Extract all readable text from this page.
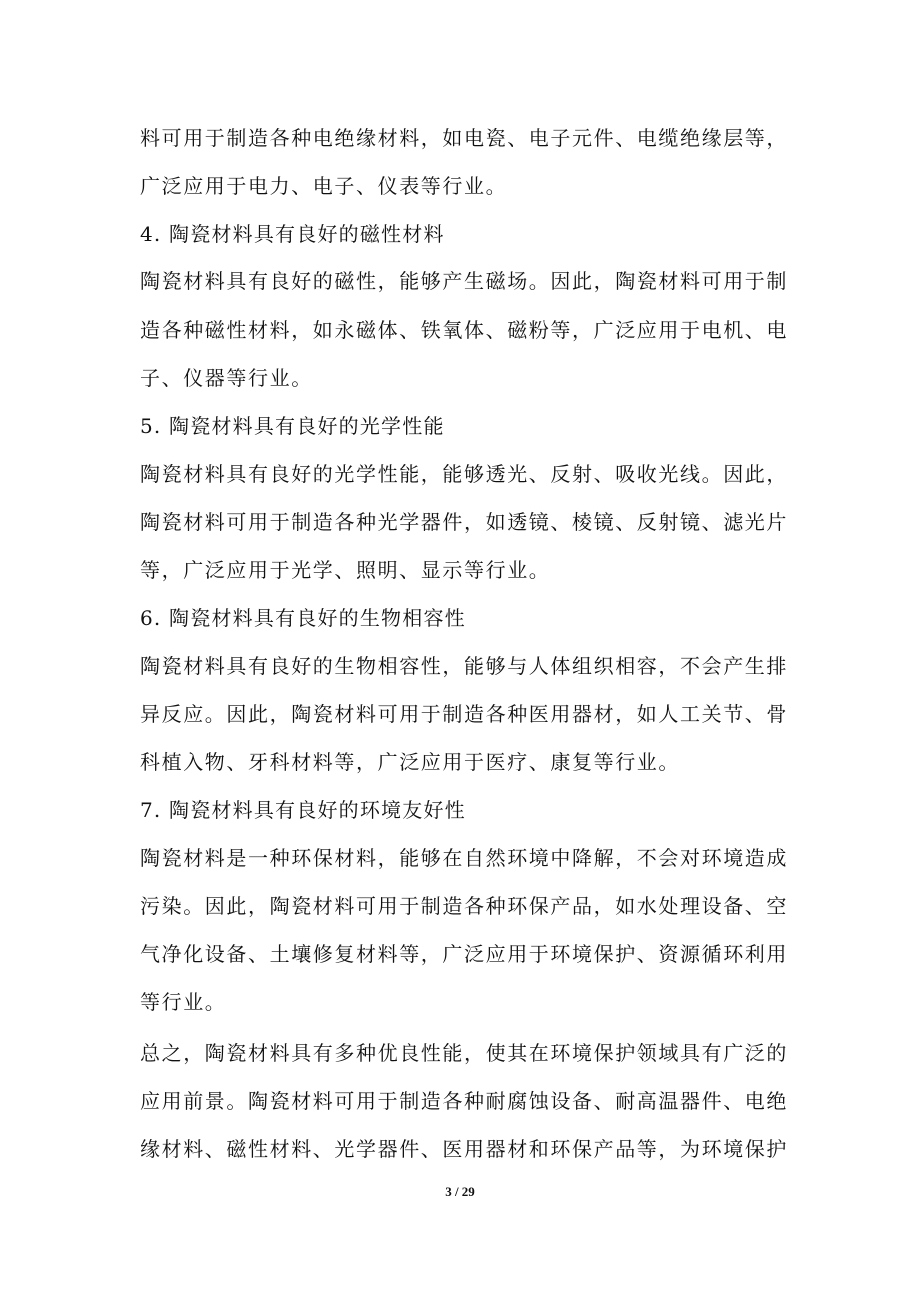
料可用于制造各种电绝缘材料，如电瓷、电子元件、电缆绝缘层等，
广泛应用于电力、电子、仪表等行业。
4. 陶瓷材料具有良好的磁性材料
陶瓷材料具有良好的磁性，能够产生磁场。因此，陶瓷材料可用于制
造各种磁性材料，如永磁体、铁氧体、磁粉等，广泛应用于电机、电
子、仪器等行业。
5. 陶瓷材料具有良好的光学性能
陶瓷材料具有良好的光学性能，能够透光、反射、吸收光线。因此，
陶瓷材料可用于制造各种光学器件，如透镜、棱镜、反射镜、滤光片
等，广泛应用于光学、照明、显示等行业。
6. 陶瓷材料具有良好的生物相容性
陶瓷材料具有良好的生物相容性，能够与人体组织相容，不会产生排
异反应。因此，陶瓷材料可用于制造各种医用器材，如人工关节、骨
科植入物、牙科材料等，广泛应用于医疗、康复等行业。
7. 陶瓷材料具有良好的环境友好性
陶瓷材料是一种环保材料，能够在自然环境中降解，不会对环境造成
污染。因此，陶瓷材料可用于制造各种环保产品，如水处理设备、空
气净化设备、土壤修复材料等，广泛应用于环境保护、资源循环利用
等行业。
总之，陶瓷材料具有多种优良性能，使其在环境保护领域具有广泛的
应用前景。陶瓷材料可用于制造各种耐腐蚀设备、耐高温器件、电绝
缘材料、磁性材料、光学器件、医用器材和环保产品等，为环境保护
3 / 29
